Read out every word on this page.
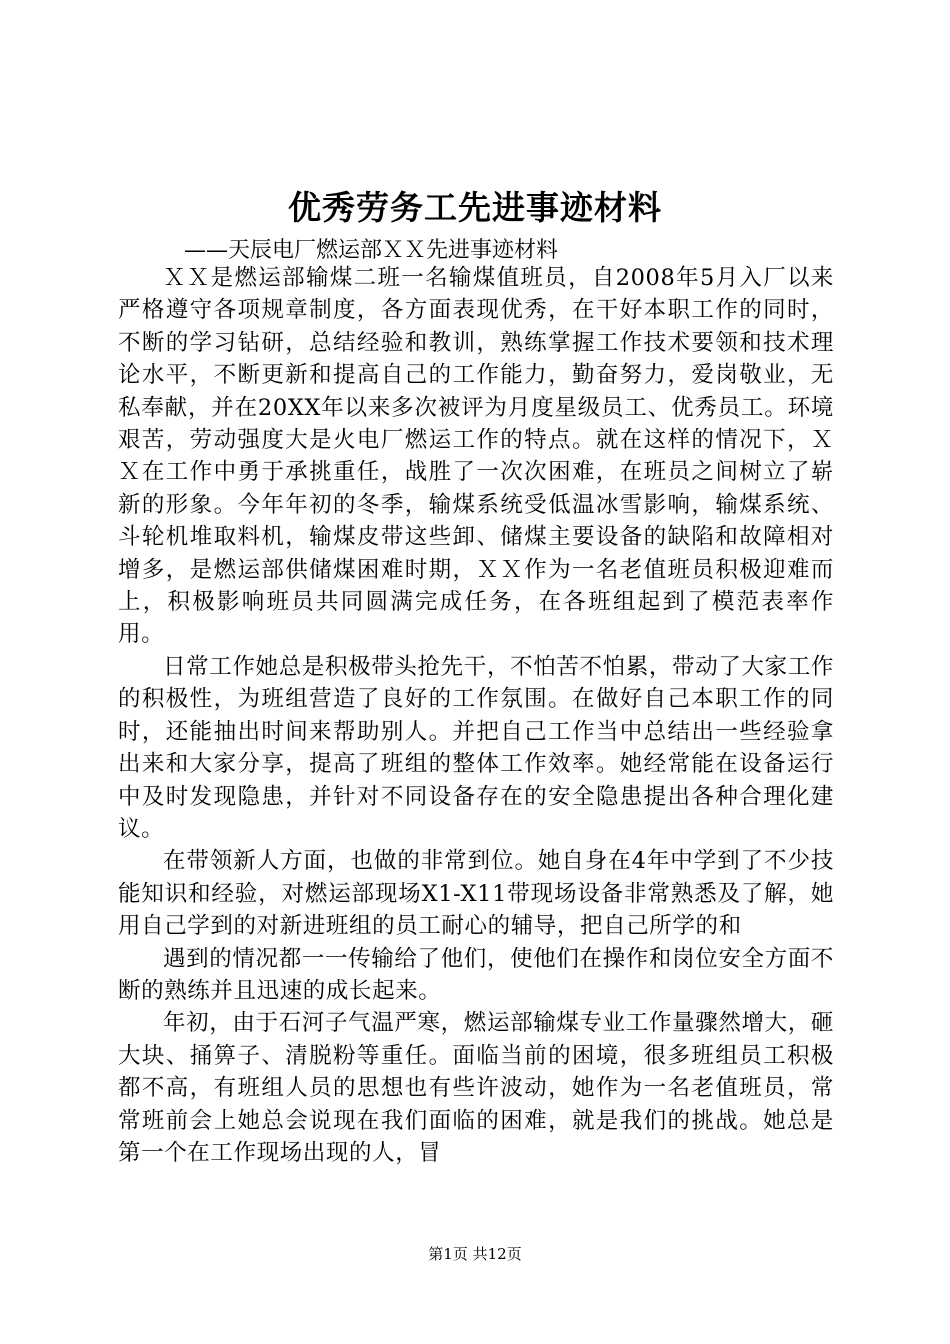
优秀劳务工先进事迹材料

——天辰电厂燃运部ＸＸ先进事迹材料

ＸＸ是燃运部输煤二班一名输煤值班员，自2008年5月入厂以来严格遵守各项规章制度，各方面表现优秀，在干好本职工作的同时，不断的学习钻研，总结经验和教训，熟练掌握工作技术要领和技术理论水平，不断更新和提高自己的工作能力，勤奋努力，爱岗敬业，无私奉献，并在20XX年以来多次被评为月度星级员工、优秀员工。环境艰苦，劳动强度大是火电厂燃运工作的特点。就在这样的情况下，ＸＸ在工作中勇于承挑重任，战胜了一次次困难，在班员之间树立了崭新的形象。今年年初的冬季，输煤系统受低温冰雪影响，输煤系统、斗轮机堆取料机，输煤皮带这些卸、储煤主要设备的缺陷和故障相对增多，是燃运部供储煤困难时期，ＸＸ作为一名老值班员积极迎难而上，积极影响班员共同圆满完成任务，在各班组起到了模范表率作用。

日常工作她总是积极带头抢先干，不怕苦不怕累，带动了大家工作的积极性，为班组营造了良好的工作氛围。在做好自己本职工作的同时，还能抽出时间来帮助别人。并把自己工作当中总结出一些经验拿出来和大家分享，提高了班组的整体工作效率。她经常能在设备运行中及时发现隐患，并针对不同设备存在的安全隐患提出各种合理化建议。

在带领新人方面，也做的非常到位。她自身在4年中学到了不少技能知识和经验，对燃运部现场X1-X11带现场设备非常熟悉及了解，她用自己学到的对新进班组的员工耐心的辅导，把自己所学的和

遇到的情况都一一传输给了他们，使他们在操作和岗位安全方面不断的熟练并且迅速的成长起来。

年初，由于石河子气温严寒，燃运部输煤专业工作量骤然增大，砸大块、捅箅子、清脱粉等重任。面临当前的困境，很多班组员工积极都不高，有班组人员的思想也有些许波动，她作为一名老值班员，常常班前会上她总会说现在我们面临的困难，就是我们的挑战。她总是第一个在工作现场出现的人，冒

第1页 共12页
